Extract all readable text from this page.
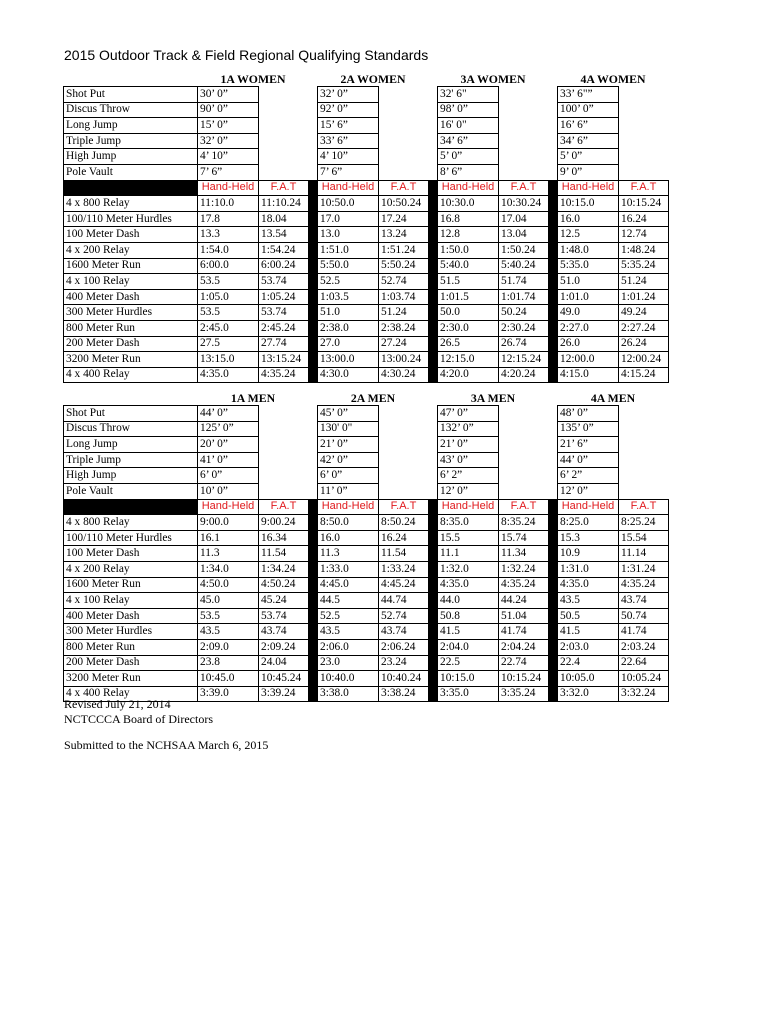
2015 Outdoor Track & Field Regional Qualifying Standards
	1A WOMEN			2A WOMEN			3A WOMEN			4A WOMEN	
Shot Put	30’ 0”			32’ 0”			32' 6"			33’ 6"”	
Discus Throw	90’ 0”			92’ 0”			98’ 0”			100’ 0”	
Long Jump	15’ 0”			15’ 6”			16' 0"			16’ 6”	
Triple Jump	32’ 0”			33’ 6”			34’ 6”			34’ 6”	
High Jump	4’ 10”			4’ 10”			5’ 0”			5’ 0”	
Pole Vault	7’ 6”			7’ 6”			8’ 6”			9’ 0”	
	Hand-Held	F.A.T		Hand-Held	F.A.T		Hand-Held	F.A.T		Hand-Held	F.A.T
4 x 800 Relay	11:10.0	11:10.24		10:50.0	10:50.24		10:30.0	10:30.24		10:15.0	10:15.24
100/110 Meter Hurdles	17.8	18.04		17.0	17.24		16.8	17.04		16.0	16.24
100 Meter Dash	13.3	13.54		13.0	13.24		12.8	13.04		12.5	12.74
4 x 200 Relay	1:54.0	1:54.24		1:51.0	1:51.24		1:50.0	1:50.24		1:48.0	1:48.24
1600 Meter Run	6:00.0	6:00.24		5:50.0	5:50.24		5:40.0	5:40.24		5:35.0	5:35.24
4 x 100 Relay	53.5	53.74		52.5	52.74		51.5	51.74		51.0	51.24
400 Meter Dash	1:05.0	1:05.24		1:03.5	1:03.74		1:01.5	1:01.74		1:01.0	1:01.24
300 Meter Hurdles	53.5	53.74		51.0	51.24		50.0	50.24		49.0	49.24
800 Meter Run	2:45.0	2:45.24		2:38.0	2:38.24		2:30.0	2:30.24		2:27.0	2:27.24
200 Meter Dash	27.5	27.74		27.0	27.24		26.5	26.74		26.0	26.24
3200 Meter Run	13:15.0	13:15.24		13:00.0	13:00.24		12:15.0	12:15.24		12:00.0	12:00.24
4 x 400 Relay	4:35.0	4:35.24		4:30.0	4:30.24		4:20.0	4:20.24		4:15.0	4:15.24
	1A MEN			2A MEN			3A MEN			4A MEN	
Shot Put	44’ 0”			45’ 0”			47’ 0”			48’ 0”	
Discus Throw	125’ 0”			130' 0"			132’ 0”			135’ 0”	
Long Jump	20’ 0”			21’ 0”			21’ 0”			21’ 6”	
Triple Jump	41’ 0”			42’ 0”			43’ 0”			44’ 0”	
High Jump	6’ 0”			6’ 0”			6’ 2”			6’ 2”	
Pole Vault	10’ 0”			11’ 0”			12’ 0”			12’ 0”	
	Hand-Held	F.A.T		Hand-Held	F.A.T		Hand-Held	F.A.T		Hand-Held	F.A.T
4 x 800 Relay	9:00.0	9:00.24		8:50.0	8:50.24		8:35.0	8:35.24		8:25.0	8:25.24
100/110 Meter Hurdles	16.1	16.34		16.0	16.24		15.5	15.74		15.3	15.54
100 Meter Dash	11.3	11.54		11.3	11.54		11.1	11.34		10.9	11.14
4 x 200 Relay	1:34.0	1:34.24		1:33.0	1:33.24		1:32.0	1:32.24		1:31.0	1:31.24
1600 Meter Run	4:50.0	4:50.24		4:45.0	4:45.24		4:35.0	4:35.24		4:35.0	4:35.24
4 x 100 Relay	45.0	45.24		44.5	44.74		44.0	44.24		43.5	43.74
400 Meter Dash	53.5	53.74		52.5	52.74		50.8	51.04		50.5	50.74
300 Meter Hurdles	43.5	43.74		43.5	43.74		41.5	41.74		41.5	41.74
800 Meter Run	2:09.0	2:09.24		2:06.0	2:06.24		2:04.0	2:04.24		2:03.0	2:03.24
200 Meter Dash	23.8	24.04		23.0	23.24		22.5	22.74		22.4	22.64
3200 Meter Run	10:45.0	10:45.24		10:40.0	10:40.24		10:15.0	10:15.24		10:05.0	10:05.24
4 x 400 Relay	3:39.0	3:39.24		3:38.0	3:38.24		3:35.0	3:35.24		3:32.0	3:32.24
Revised July 21, 2014
NCTCCCA Board of Directors
Submitted to the NCHSAA March 6, 2015
